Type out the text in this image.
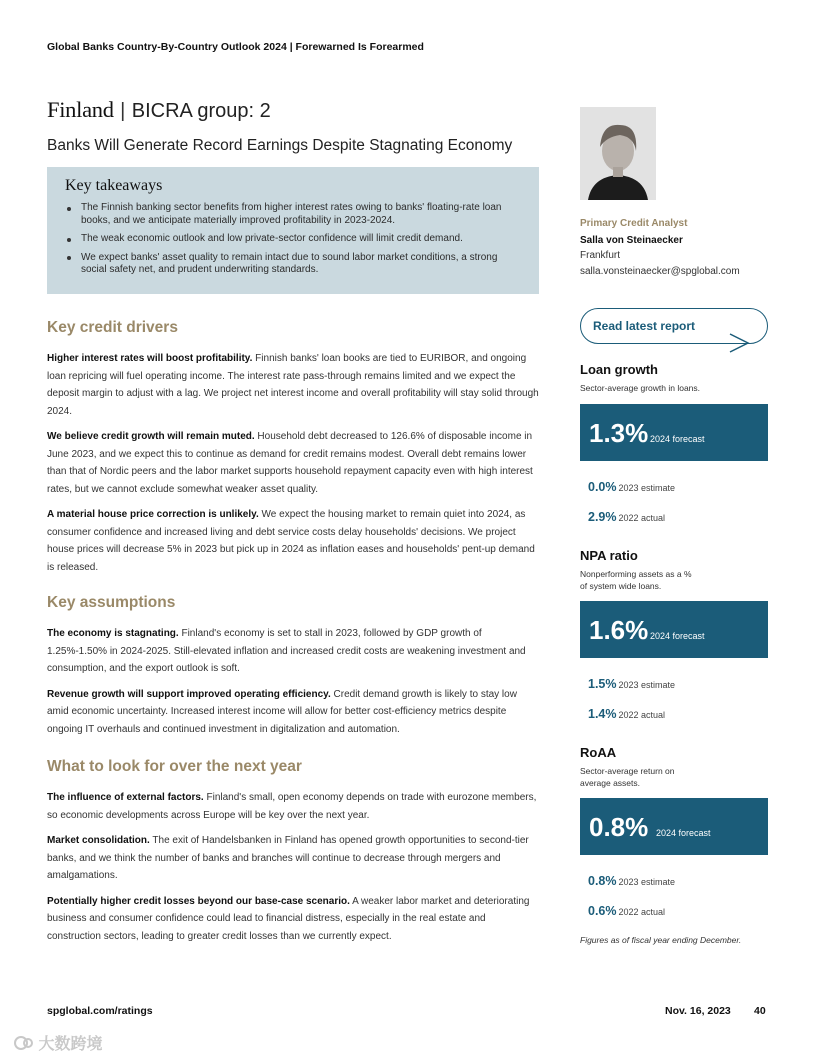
Global Banks Country-By-Country Outlook 2024 | Forewarned Is Forearmed
Finland | BICRA group: 2
Banks Will Generate Record Earnings Despite Stagnating Economy
Key takeaways
The Finnish banking sector benefits from higher interest rates owing to banks' floating-rate loan books, and we anticipate materially improved profitability in 2023-2024.
The weak economic outlook and low private-sector confidence will limit credit demand.
We expect banks' asset quality to remain intact due to sound labor market conditions, a strong social safety net, and prudent underwriting standards.
Key credit drivers

Higher interest rates will boost profitability. Finnish banks' loan books are tied to EURIBOR, and ongoing loan repricing will fuel operating income. The interest rate pass-through remains limited and we expect the deposit margin to adjust with a lag. We project net interest income and overall profitability will stay solid through 2024.

We believe credit growth will remain muted. Household debt decreased to 126.6% of disposable income in June 2023, and we expect this to continue as demand for credit remains modest. Overall debt remains lower than that of Nordic peers and the labor market supports household repayment capacity even with high interest rates, but we cannot exclude somewhat weaker asset quality.

A material house price correction is unlikely. We expect the housing market to remain quiet into 2024, as consumer confidence and increased living and debt service costs delay households' decisions. We project house prices will decrease 5% in 2023 but pick up in 2024 as inflation eases and households' pent-up demand is released.

Key assumptions

The economy is stagnating. Finland's economy is set to stall in 2023, followed by GDP growth of 1.25%-1.50% in 2024-2025. Still-elevated inflation and increased credit costs are weakening investment and consumption, and the export outlook is soft.

Revenue growth will support improved operating efficiency. Credit demand growth is likely to stay low amid economic uncertainty. Increased interest income will allow for better cost-efficiency metrics despite ongoing IT overhauls and continued investment in digitalization and automation.

What to look for over the next year

The influence of external factors. Finland's small, open economy depends on trade with eurozone members, so economic developments across Europe will be key over the next year.

Market consolidation. The exit of Handelsbanken in Finland has opened growth opportunities to second-tier banks, and we think the number of banks and branches will continue to decrease through mergers and amalgamations.

Potentially higher credit losses beyond our base-case scenario. A weaker labor market and deteriorating business and consumer confidence could lead to financial distress, especially in the real estate and construction sectors, leading to greater credit losses than we currently expect.

Primary Credit Analyst
Salla von Steinaecker
Frankfurt
salla.vonsteinaecker@spglobal.com
Read latest report
Loan growth
Sector-average growth in loans.
1.3% 2024 forecast
0.0% 2023 estimate
2.9% 2022 actual
NPA ratio
Nonperforming assets as a % of system wide loans.
1.6% 2024 forecast
1.5% 2023 estimate
1.4% 2022 actual
RoAA
Sector-average return on average assets.
0.8% 2024 forecast
0.8% 2023 estimate
0.6% 2022 actual
Figures as of fiscal year ending December.
spglobal.com/ratings	Nov. 16, 2023 40
大数跨境
